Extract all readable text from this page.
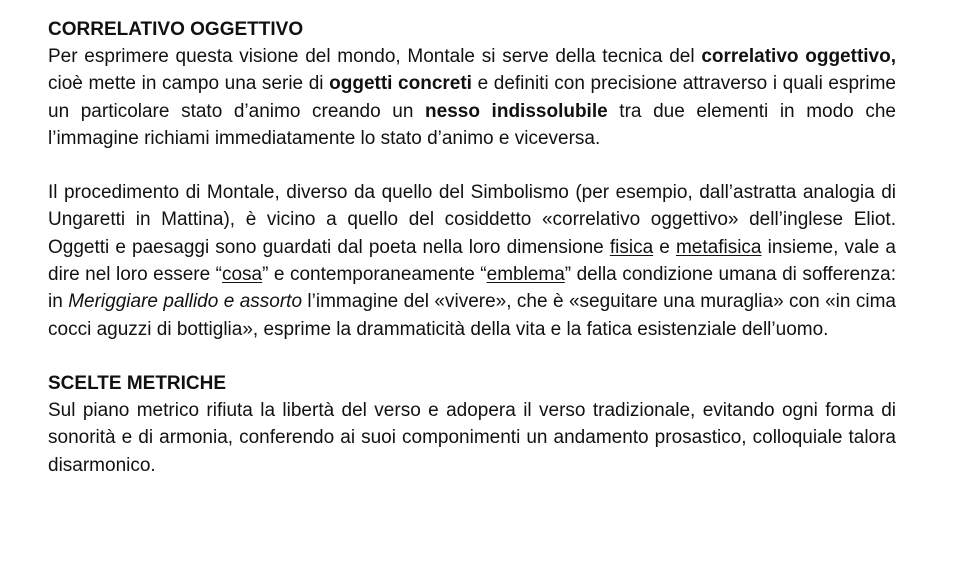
CORRELATIVO OGGETTIVO

Per esprimere questa visione del mondo, Montale si serve della tecnica del correlativo oggettivo, cioè mette in campo una serie di oggetti concreti e definiti con precisione attraverso i quali esprime un particolare stato d’animo creando un nesso indissolubile tra due elementi in modo che l’immagine richiami immediatamente lo stato d’animo e viceversa.

Il procedimento di Montale, diverso da quello del Simbolismo (per esempio, dall’astratta analogia di Ungaretti in Mattina), è vicino a quello del cosiddetto «correlativo oggettivo» dell’inglese Eliot. Oggetti e paesaggi sono guardati dal poeta nella loro dimensione fisica e metafisica insieme, vale a dire nel loro essere “cosa” e contemporaneamente “emblema” della condizione umana di sofferenza: in Meriggiare pallido e assorto l’immagine del «vivere», che è «seguitare una muraglia» con «in cima cocci aguzzi di bottiglia», esprime la drammaticità della vita e la fatica esistenziale dell’uomo.

SCELTE METRICHE

Sul piano metrico rifiuta la libertà del verso e adopera il verso tradizionale, evitando ogni forma di sonorità e di armonia, conferendo ai suoi componimenti un andamento prosastico, colloquiale talora disarmonico.
